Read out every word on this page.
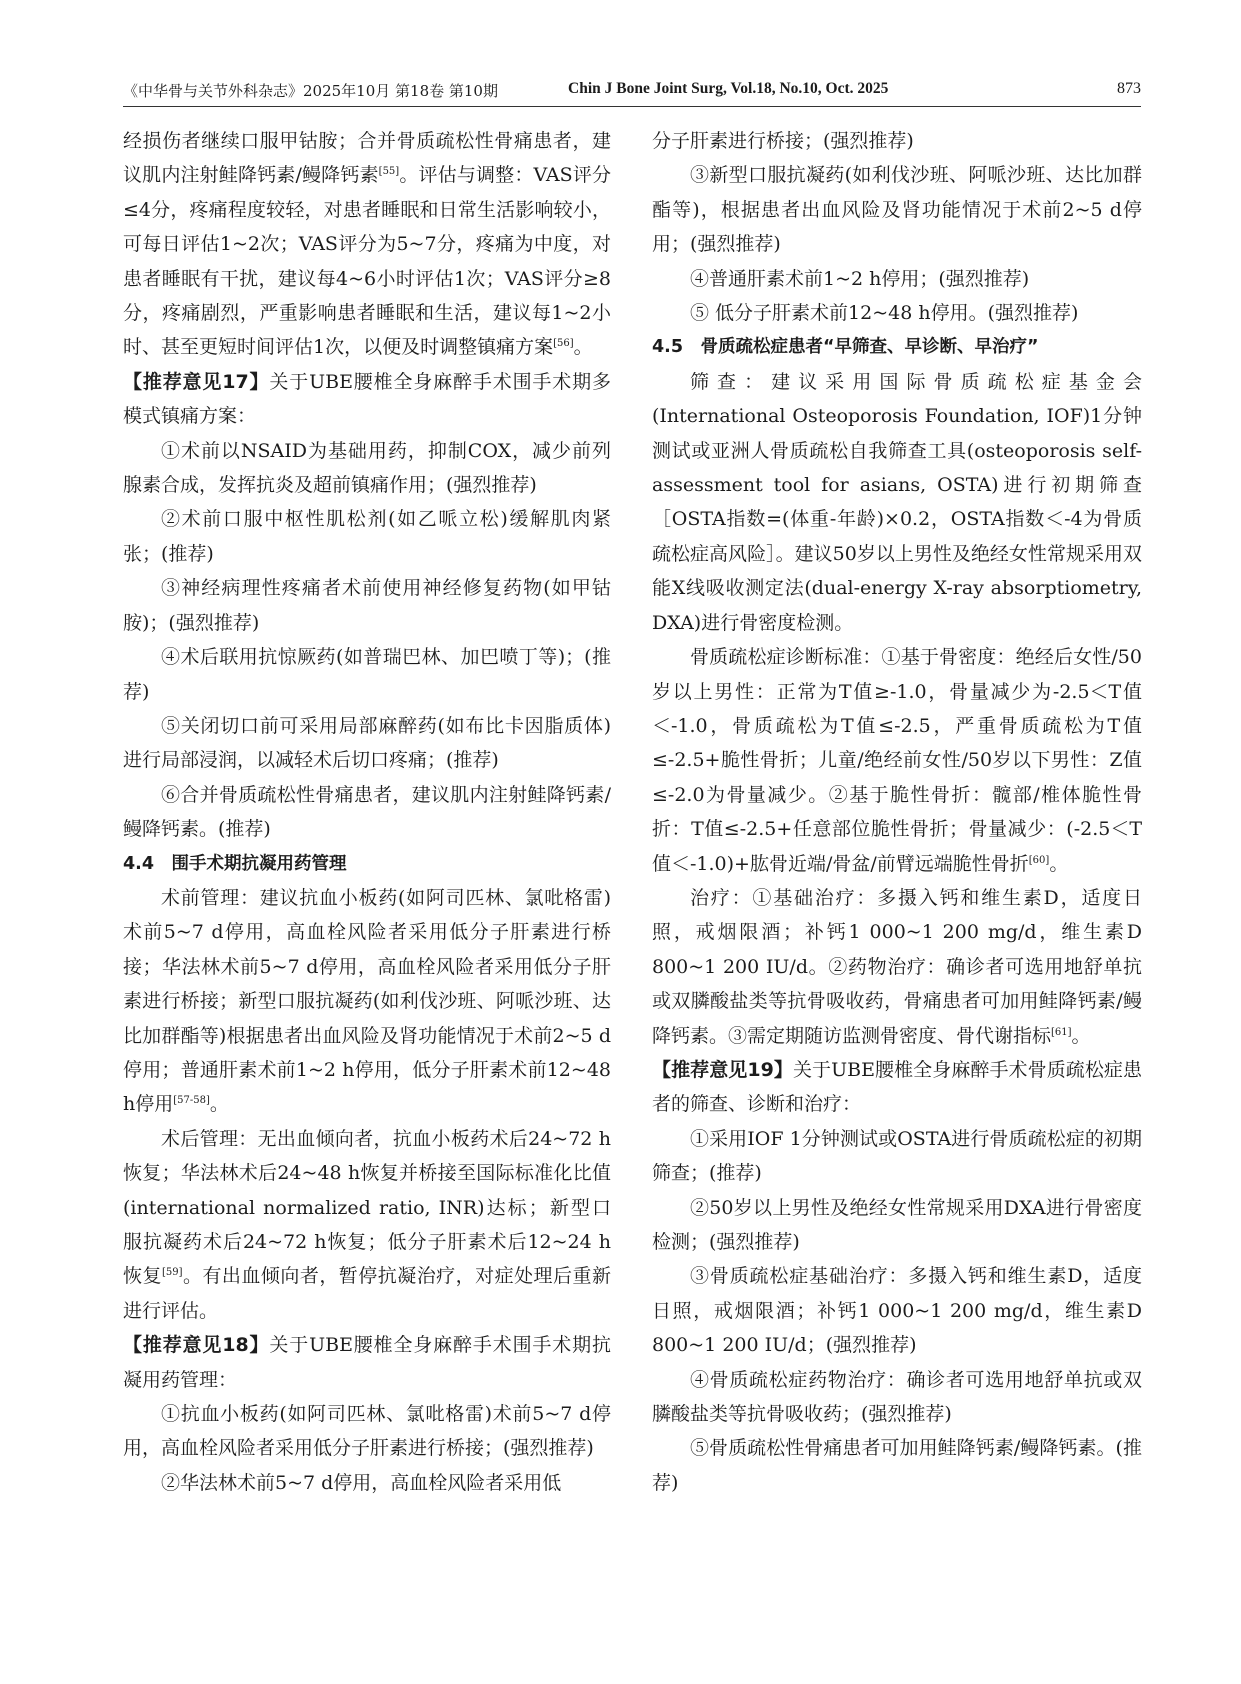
《中华骨与关节外科杂志》2025年10月 第18卷 第10期	Chin J Bone Joint Surg, Vol.18, No.10, Oct. 2025	873

经损伤者继续口服甲钴胺；合并骨质疏松性骨痛患者，建议肌内注射鲑降钙素/鳗降钙素[55]。评估与调整：VAS评分≤4分，疼痛程度较轻，对患者睡眠和日常生活影响较小，可每日评估1~2次；VAS评分为5~7分，疼痛为中度，对患者睡眠有干扰，建议每4~6小时评估1次；VAS评分≥8分，疼痛剧烈，严重影响患者睡眠和生活，建议每1~2小时、甚至更短时间评估1次，以便及时调整镇痛方案[56]。

【推荐意见17】关于UBE腰椎全身麻醉手术围手术期多模式镇痛方案：

①术前以NSAID为基础用药，抑制COX，减少前列腺素合成，发挥抗炎及超前镇痛作用；(强烈推荐)

②术前口服中枢性肌松剂(如乙哌立松)缓解肌肉紧张；(推荐)

③神经病理性疼痛者术前使用神经修复药物(如甲钴胺)；(强烈推荐)

④术后联用抗惊厥药(如普瑞巴林、加巴喷丁等)；(推荐)

⑤关闭切口前可采用局部麻醉药(如布比卡因脂质体)进行局部浸润，以减轻术后切口疼痛；(推荐)

⑥合并骨质疏松性骨痛患者，建议肌内注射鲑降钙素/鳗降钙素。(推荐)

4.4　围手术期抗凝用药管理

术前管理：建议抗血小板药(如阿司匹林、氯吡格雷)术前5~7 d停用，高血栓风险者采用低分子肝素进行桥接；华法林术前5~7 d停用，高血栓风险者采用低分子肝素进行桥接；新型口服抗凝药(如利伐沙班、阿哌沙班、达比加群酯等)根据患者出血风险及肾功能情况于术前2~5 d停用；普通肝素术前1~2 h停用，低分子肝素术前12~48 h停用[57-58]。

术后管理：无出血倾向者，抗血小板药术后24~72 h恢复；华法林术后24~48 h恢复并桥接至国际标准化比值(international normalized ratio, INR)达标；新型口服抗凝药术后24~72 h恢复；低分子肝素术后12~24 h恢复[59]。有出血倾向者，暂停抗凝治疗，对症处理后重新进行评估。

【推荐意见18】关于UBE腰椎全身麻醉手术围手术期抗凝用药管理：

①抗血小板药(如阿司匹林、氯吡格雷)术前5~7 d停用，高血栓风险者采用低分子肝素进行桥接；(强烈推荐)

②华法林术前5~7 d停用，高血栓风险者采用低

分子肝素进行桥接；(强烈推荐)

③新型口服抗凝药(如利伐沙班、阿哌沙班、达比加群酯等)，根据患者出血风险及肾功能情况于术前2~5 d停用；(强烈推荐)

④普通肝素术前1~2 h停用；(强烈推荐)

⑤ 低分子肝素术前12~48 h停用。(强烈推荐)

4.5　骨质疏松症患者“早筛查、早诊断、早治疗”

筛查：建议采用国际骨质疏松症基金会(International Osteoporosis Foundation, IOF)1分钟测试或亚洲人骨质疏松自我筛查工具(osteoporosis self-assessment tool for asians, OSTA)进行初期筛查［OSTA指数=(体重-年龄)×0.2，OSTA指数＜-4为骨质疏松症高风险］。建议50岁以上男性及绝经女性常规采用双能X线吸收测定法(dual-energy X-ray absorptiometry, DXA)进行骨密度检测。

骨质疏松症诊断标准：①基于骨密度：绝经后女性/50岁以上男性：正常为T值≥-1.0，骨量减少为-2.5＜T值＜-1.0，骨质疏松为T值≤-2.5，严重骨质疏松为T值≤-2.5+脆性骨折；儿童/绝经前女性/50岁以下男性：Z值≤-2.0为骨量减少。②基于脆性骨折：髋部/椎体脆性骨折：T值≤-2.5+任意部位脆性骨折；骨量减少：(-2.5＜T值＜-1.0)+肱骨近端/骨盆/前臂远端脆性骨折[60]。

治疗：①基础治疗：多摄入钙和维生素D，适度日照，戒烟限酒；补钙1 000~1 200 mg/d，维生素D 800~1 200 IU/d。②药物治疗：确诊者可选用地舒单抗或双膦酸盐类等抗骨吸收药，骨痛患者可加用鲑降钙素/鳗降钙素。③需定期随访监测骨密度、骨代谢指标[61]。

【推荐意见19】关于UBE腰椎全身麻醉手术骨质疏松症患者的筛查、诊断和治疗：

①采用IOF 1分钟测试或OSTA进行骨质疏松症的初期筛查；(推荐)

②50岁以上男性及绝经女性常规采用DXA进行骨密度检测；(强烈推荐)

③骨质疏松症基础治疗：多摄入钙和维生素D，适度日照，戒烟限酒；补钙1 000~1 200 mg/d，维生素D 800~1 200 IU/d；(强烈推荐)

④骨质疏松症药物治疗：确诊者可选用地舒单抗或双膦酸盐类等抗骨吸收药；(强烈推荐)

⑤骨质疏松性骨痛患者可加用鲑降钙素/鳗降钙素。(推荐)
